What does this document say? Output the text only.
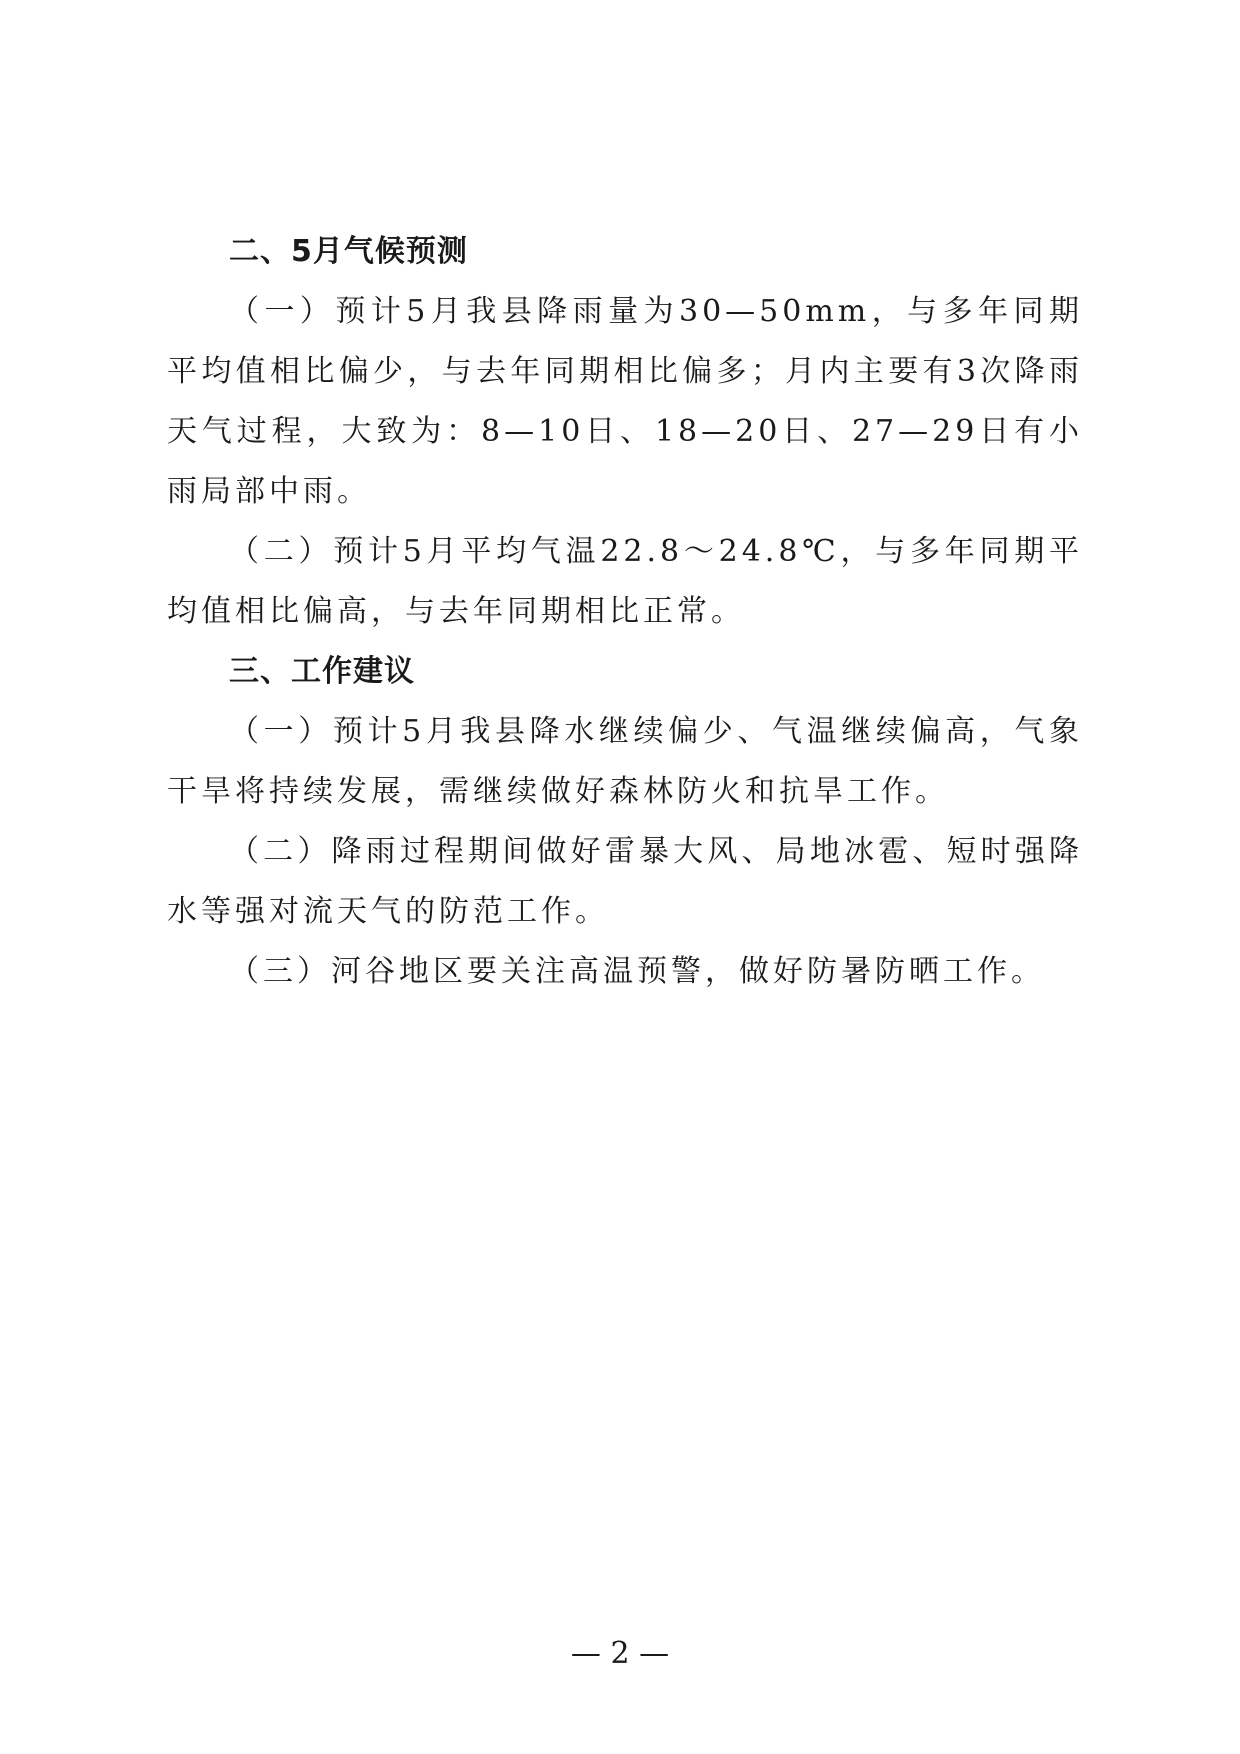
二、5月气候预测

（一）预计5月我县降雨量为30—50mm，与多年同期平均值相比偏少，与去年同期相比偏多；月内主要有3次降雨天气过程，大致为：8—10日、18—20日、27—29日有小雨局部中雨。

（二）预计5月平均气温22.8～24.8℃，与多年同期平均值相比偏高，与去年同期相比正常。

三、工作建议

（一）预计5月我县降水继续偏少、气温继续偏高，气象干旱将持续发展，需继续做好森林防火和抗旱工作。

（二）降雨过程期间做好雷暴大风、局地冰雹、短时强降水等强对流天气的防范工作。

（三）河谷地区要关注高温预警，做好防暑防晒工作。

— 2 —
